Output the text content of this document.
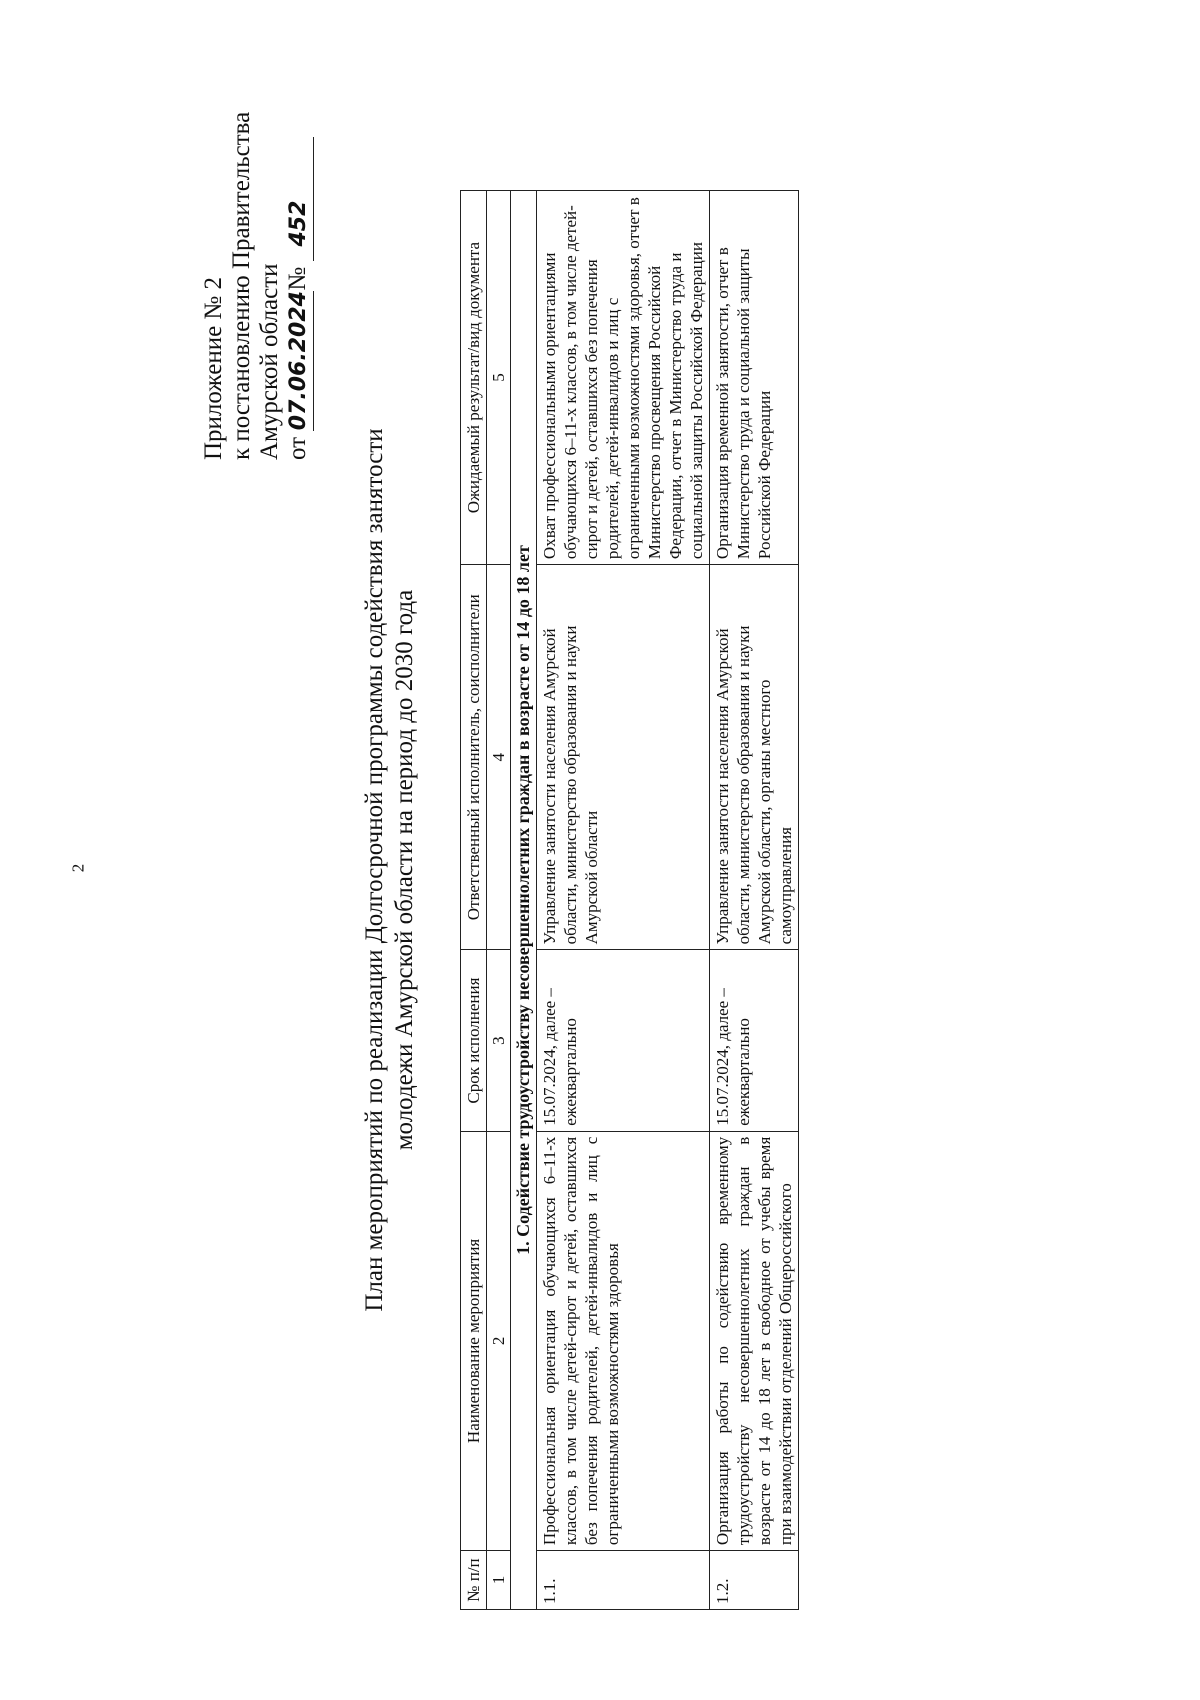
2
Приложение № 2 к постановлению Правительства Амурской области от 07.06.2024№ 452
План мероприятий по реализации Долгосрочной программы содействия занятости молодежи Амурской области на период до 2030 года
№ п/п	Наименование мероприятия	Срок исполнения	Ответственный исполнитель, соисполнители	Ожидаемый результат/вид документа
1	2	3	4	5
1. Содействие трудоустройству несовершеннолетних граждан в возрасте от 14 до 18 лет				
1.1.	Профессиональная ориентация обучающихся 6–11-х классов, в том числе детей-сирот и детей, оставшихся без попечения родителей, детей-инвалидов и лиц с ограниченными возможностями здоровья	15.07.2024, далее – ежеквартально	Управление занятости населения Амурской области, министерство образования и науки Амурской области	Охват профессиональными ориентациями обучающихся 6–11-х классов, в том числе детей-сирот и детей, оставшихся без попечения родителей, детей-инвалидов и лиц с ограниченными возможностями здоровья, отчет в Министерство просвещения Российской Федерации, отчет в Министерство труда и социальной защиты Российской Федерации
1.2.	Организация работы по содействию временному трудоустройству несовершеннолетних граждан в возрасте от 14 до 18 лет в свободное от учебы время при взаимодействии отделений Общероссийского	15.07.2024, далее – ежеквартально	Управление занятости населения Амурской области, министерство образования и науки Амурской области, органы местного самоуправления	Организация временной занятости, отчет в Министерство труда и социальной защиты Российской Федерации
